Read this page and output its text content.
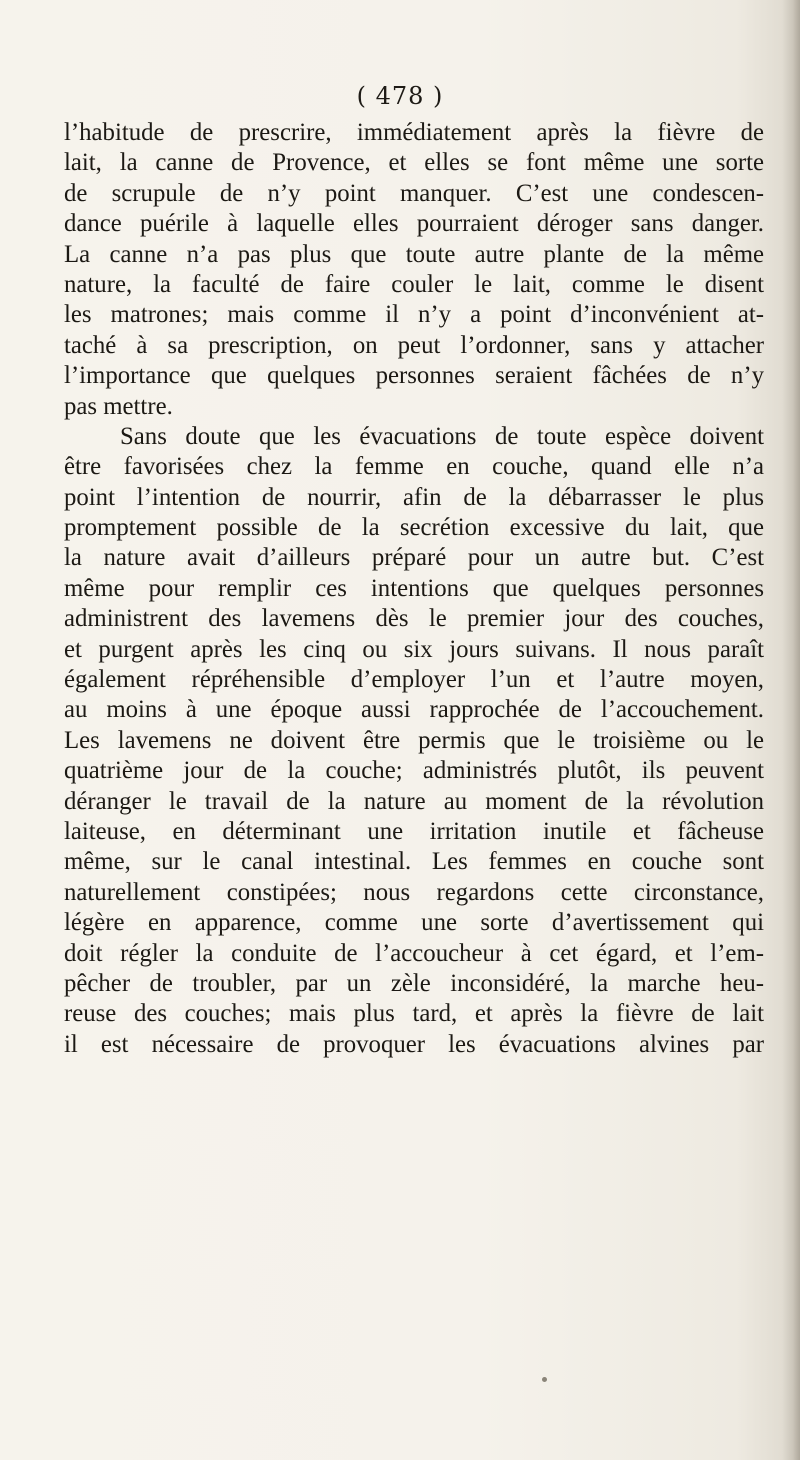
( 478 )
l’habitude de prescrire, immédiatement après la fièvre de
lait, la canne de Provence, et elles se font même une sorte
de scrupule de n’y point manquer. C’est une condescen-
dance puérile à laquelle elles pourraient déroger sans danger.
La canne n’a pas plus que toute autre plante de la même
nature, la faculté de faire couler le lait, comme le disent
les matrones; mais comme il n’y a point d’inconvénient at-
taché à sa prescription, on peut l’ordonner, sans y attacher
l’importance que quelques personnes seraient fâchées de n’y
pas mettre.
Sans doute que les évacuations de toute espèce doivent
être favorisées chez la femme en couche, quand elle n’a
point l’intention de nourrir, afin de la débarrasser le plus
promptement possible de la secrétion excessive du lait, que
la nature avait d’ailleurs préparé pour un autre but. C’est
même pour remplir ces intentions que quelques personnes
administrent des lavemens dès le premier jour des couches,
et purgent après les cinq ou six jours suivans. Il nous paraît
également répréhensible d’employer l’un et l’autre moyen,
au moins à une époque aussi rapprochée de l’accouchement.
Les lavemens ne doivent être permis que le troisième ou le
quatrième jour de la couche; administrés plutôt, ils peuvent
déranger le travail de la nature au moment de la révolution
laiteuse, en déterminant une irritation inutile et fâcheuse
même, sur le canal intestinal. Les femmes en couche sont
naturellement constipées; nous regardons cette circonstance,
légère en apparence, comme une sorte d’avertissement qui
doit régler la conduite de l’accoucheur à cet égard, et l’em-
pêcher de troubler, par un zèle inconsidéré, la marche heu-
reuse des couches; mais plus tard, et après la fièvre de lait
il est nécessaire de provoquer les évacuations alvines par
